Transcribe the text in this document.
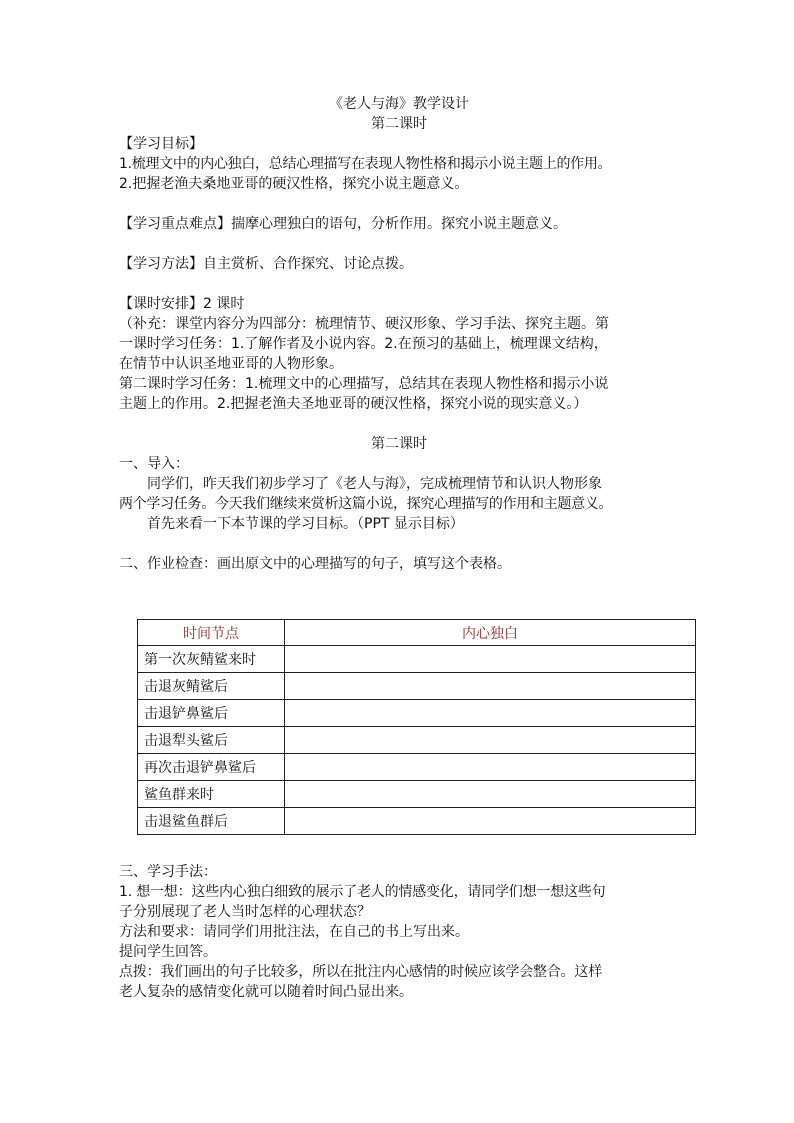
《老人与海》教学设计
第二课时
【学习目标】
1.梳理文中的内心独白，总结心理描写在表现人物性格和揭示小说主题上的作用。
2.把握老渔夫桑地亚哥的硬汉性格，探究小说主题意义。
【学习重点难点】揣摩心理独白的语句，分析作用。探究小说主题意义。
【学习方法】自主赏析、合作探究、讨论点拨。
【课时安排】2 课时
（补充：课堂内容分为四部分：梳理情节、硬汉形象、学习手法、探究主题。第
一课时学习任务：1.了解作者及小说内容。2.在预习的基础上，梳理课文结构，
在情节中认识圣地亚哥的人物形象。
第二课时学习任务：1.梳理文中的心理描写，总结其在表现人物性格和揭示小说
主题上的作用。2.把握老渔夫圣地亚哥的硬汉性格，探究小说的现实意义。）
第二课时
一、导入：
同学们，昨天我们初步学习了《老人与海》，完成梳理情节和认识人物形象
两个学习任务。今天我们继续来赏析这篇小说，探究心理描写的作用和主题意义。
首先来看一下本节课的学习目标。（PPT 显示目标）
二、作业检查：画出原文中的心理描写的句子，填写这个表格。
时间节点	内心独白
第一次灰鲭鲨来时	
击退灰鲭鲨后	
击退铲鼻鲨后	
击退犁头鲨后	
再次击退铲鼻鲨后	
鲨鱼群来时	
击退鲨鱼群后	
三、学习手法：
1. 想一想：这些内心独白细致的展示了老人的情感变化，请同学们想一想这些句
子分别展现了老人当时怎样的心理状态？
方法和要求：请同学们用批注法，在自己的书上写出来。
提问学生回答。
点拨：我们画出的句子比较多，所以在批注内心感情的时候应该学会整合。这样
老人复杂的感情变化就可以随着时间凸显出来。
